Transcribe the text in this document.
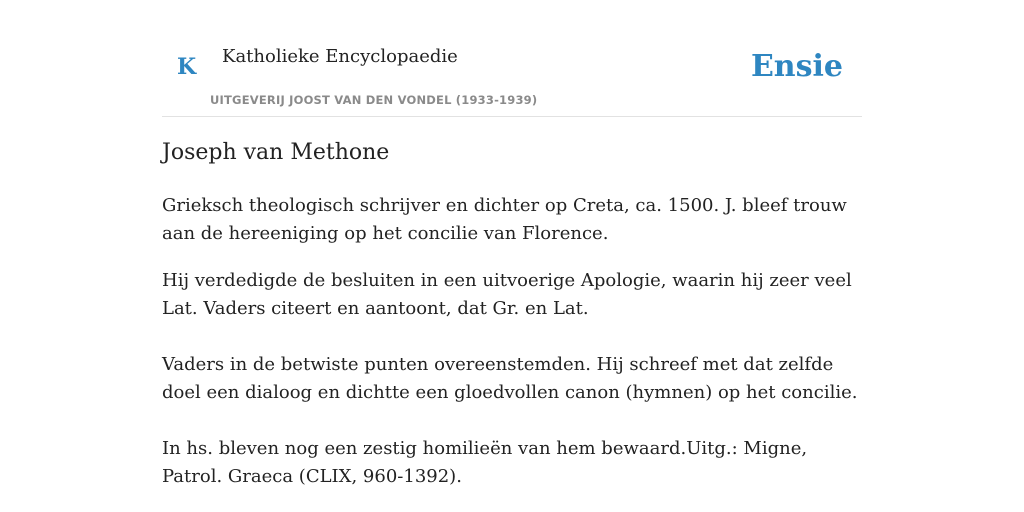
K Katholieke Encyclopaedie
UITGEVERIJ JOOST VAN DEN VONDEL (1933-1939)
Ensie
Joseph van Methone

Grieksch theologisch schrijver en dichter op Creta, ca. 1500. J. bleef trouw aan de hereeniging op het concilie van Florence.

Hij verdedigde de besluiten in een uitvoerige Apologie, waarin hij zeer veel Lat. Vaders citeert en aantoont, dat Gr. en Lat.

Vaders in de betwiste punten overeenstemden. Hij schreef met dat zelfde doel een dialoog en dichtte een gloedvollen canon (hymnen) op het concilie.

In hs. bleven nog een zestig homilieën van hem bewaard.Uitg.: Migne, Patrol. Graeca (CLIX, 960-1392).
